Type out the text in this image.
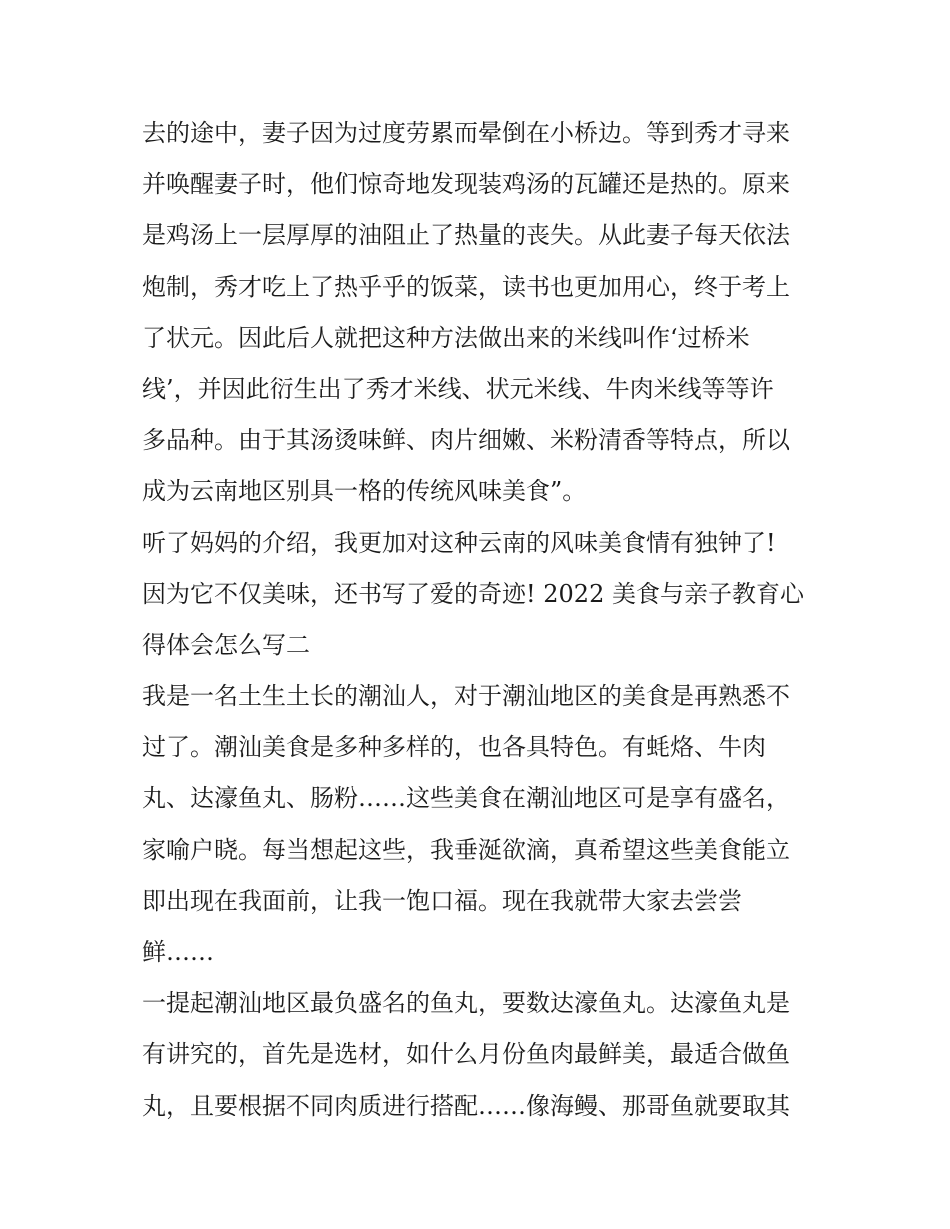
去的途中，妻子因为过度劳累而晕倒在小桥边。等到秀才寻来
并唤醒妻子时，他们惊奇地发现装鸡汤的瓦罐还是热的。原来
是鸡汤上一层厚厚的油阻止了热量的丧失。从此妻子每天依法
炮制，秀才吃上了热乎乎的饭菜，读书也更加用心，终于考上
了状元。因此后人就把这种方法做出来的米线叫作‘过桥米
线’，并因此衍生出了秀才米线、状元米线、牛肉米线等等许
多品种。由于其汤烫味鲜、肉片细嫩、米粉清香等特点，所以
成为云南地区别具一格的传统风味美食”。
听了妈妈的介绍，我更加对这种云南的风味美食情有独钟了!
因为它不仅美味，还书写了爱的奇迹! 2022 美食与亲子教育心
得体会怎么写二
我是一名土生土长的潮汕人，对于潮汕地区的美食是再熟悉不
过了。潮汕美食是多种多样的，也各具特色。有蚝烙、牛肉
丸、达濠鱼丸、肠粉……这些美食在潮汕地区可是享有盛名，
家喻户晓。每当想起这些，我垂涎欲滴，真希望这些美食能立
即出现在我面前，让我一饱口福。现在我就带大家去尝尝
鲜……
一提起潮汕地区最负盛名的鱼丸，要数达濠鱼丸。达濠鱼丸是
有讲究的，首先是选材，如什么月份鱼肉最鲜美，最适合做鱼
丸，且要根据不同肉质进行搭配……像海鳗、那哥鱼就要取其
